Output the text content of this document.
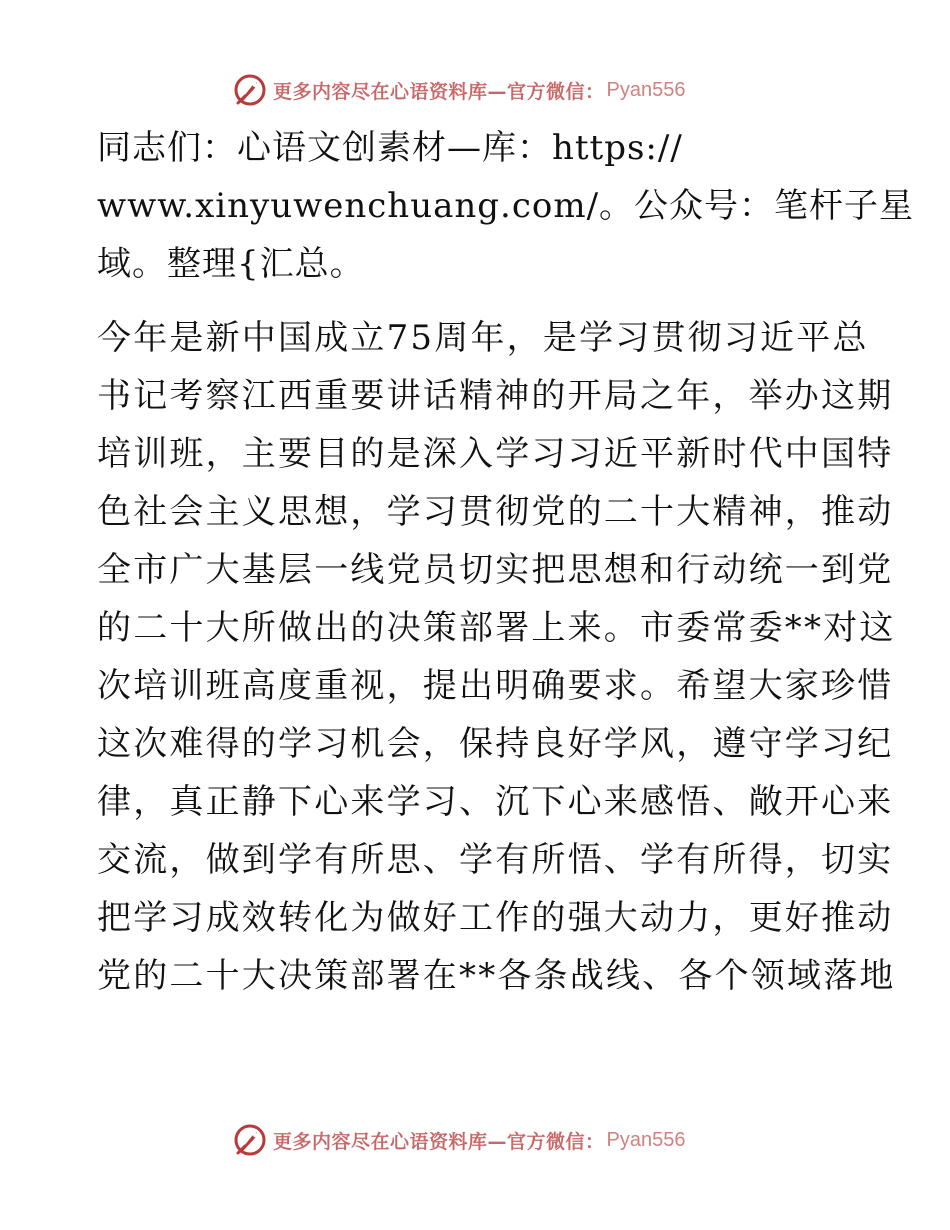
更多内容尽在心语资料库—官方微信： Pyan556
同志们：心语文创素材—库：https://
www.xinyuwenchuang.com/。公众号：笔杆子星
域。整理{汇总。
今年是新中国成立75周年，是学习贯彻习近平总
书记考察江西重要讲话精神的开局之年，举办这期
培训班，主要目的是深入学习习近平新时代中国特
色社会主义思想，学习贯彻党的二十大精神，推动
全市广大基层一线党员切实把思想和行动统一到党
的二十大所做出的决策部署上来。市委常委**对这
次培训班高度重视，提出明确要求。希望大家珍惜
这次难得的学习机会，保持良好学风，遵守学习纪
律，真正静下心来学习、沉下心来感悟、敞开心来
交流，做到学有所思、学有所悟、学有所得，切实
把学习成效转化为做好工作的强大动力，更好推动
党的二十大决策部署在**各条战线、各个领域落地
更多内容尽在心语资料库—官方微信： Pyan556
